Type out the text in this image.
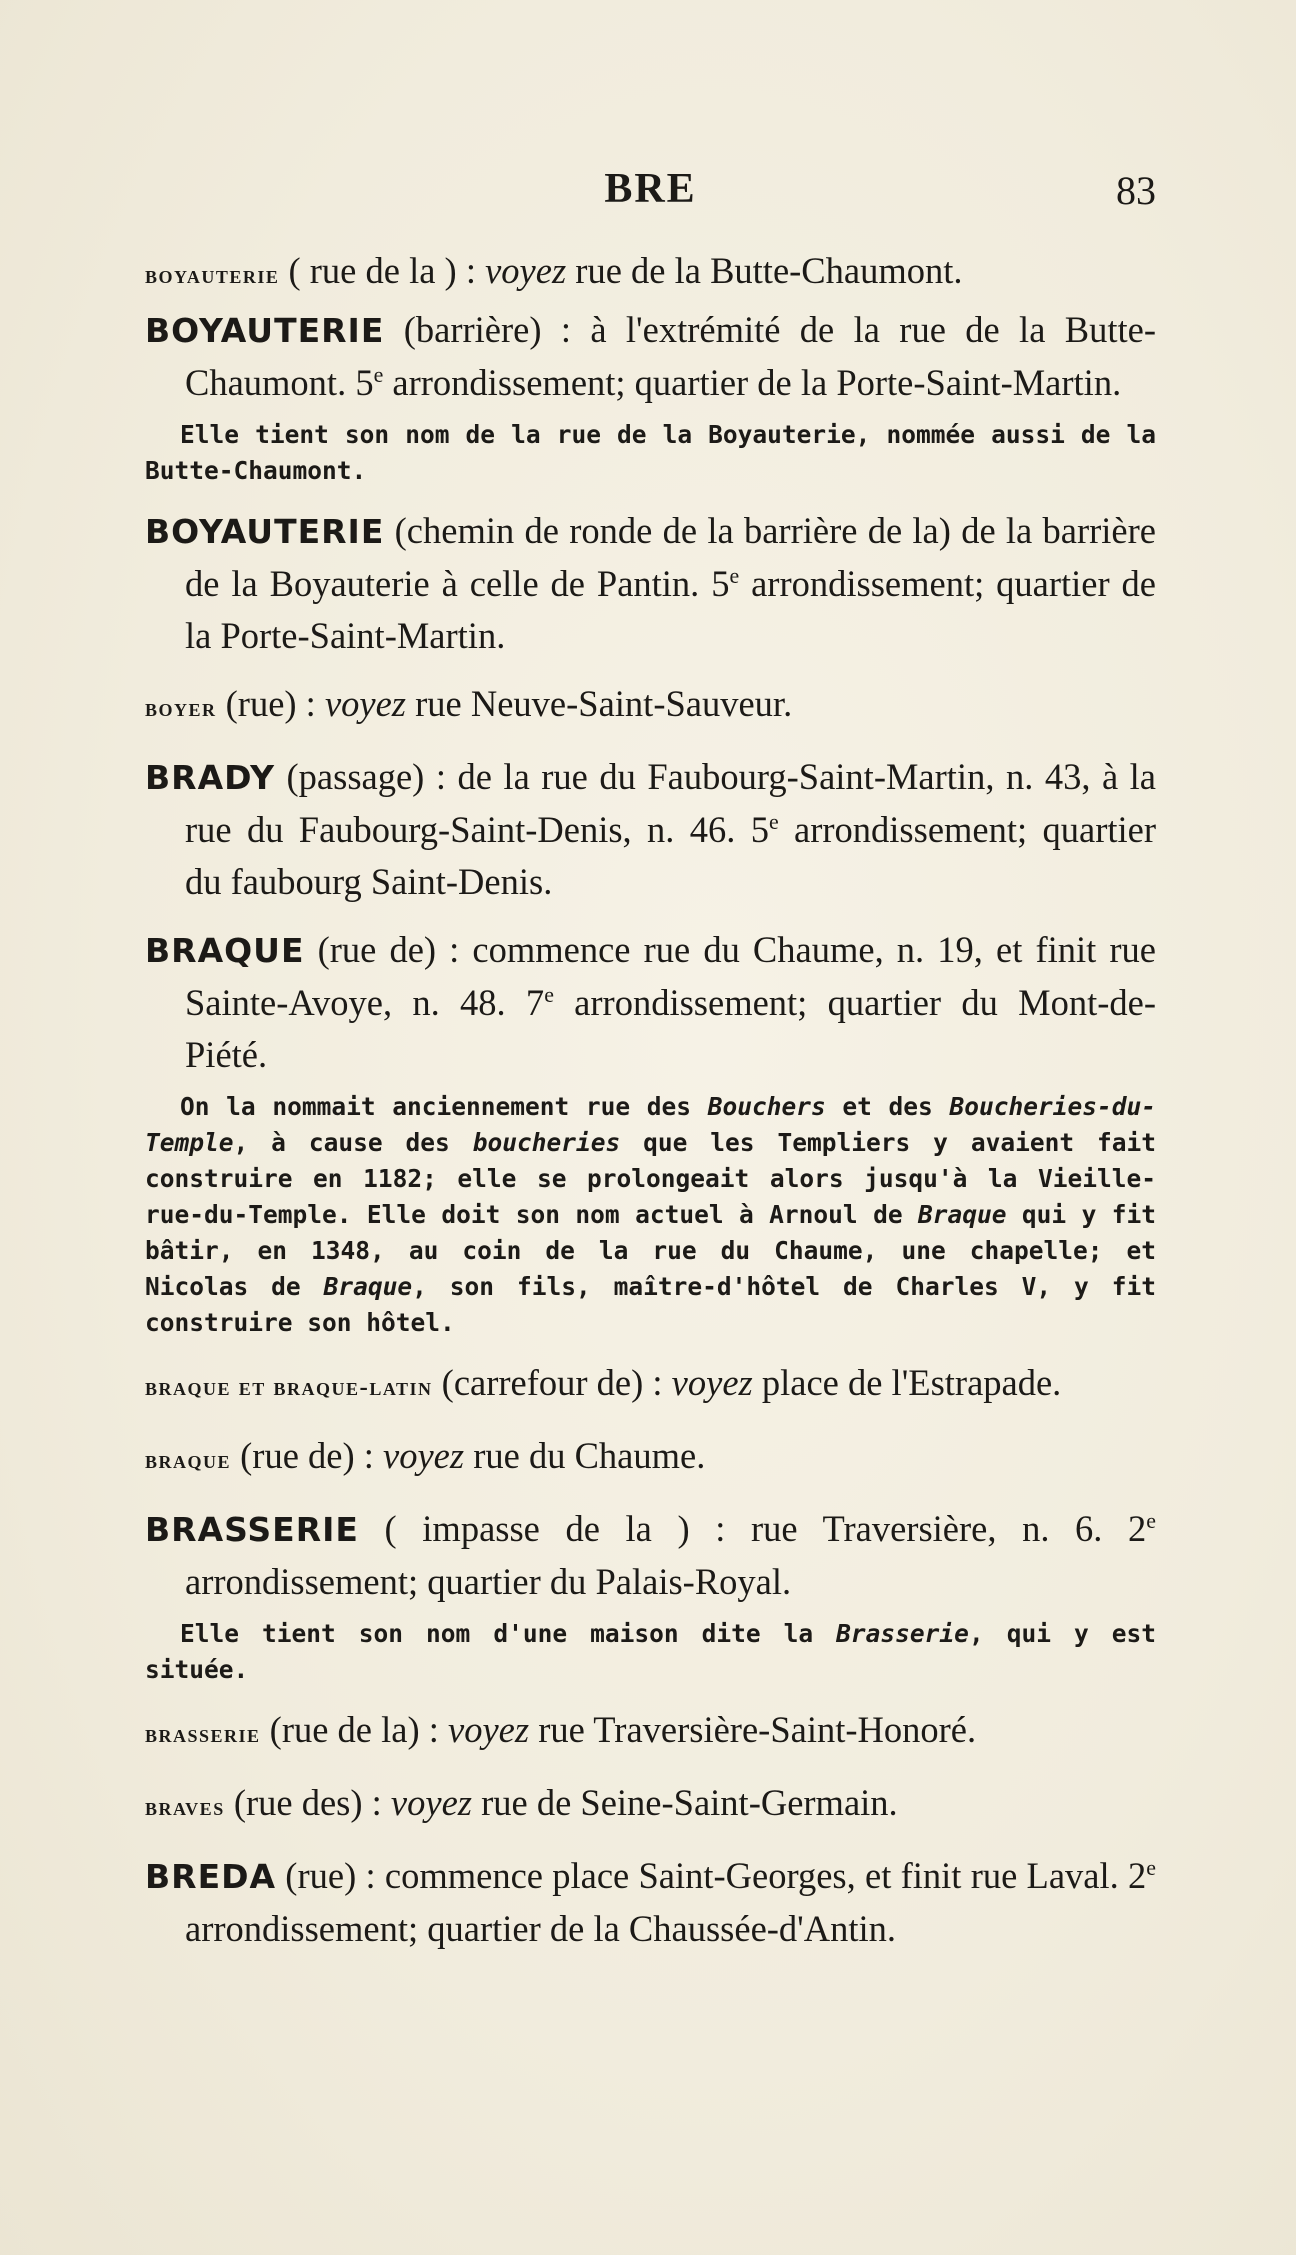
BRE	83

boyauterie ( rue de la ) : voyez rue de la Butte-Chaumont.

BOYAUTERIE (barrière) : à l'extrémité de la rue de la Butte-Chaumont. 5e arrondissement; quartier de la Porte-Saint-Martin.

Elle tient son nom de la rue de la Boyauterie, nommée aussi de la Butte-Chaumont.

BOYAUTERIE (chemin de ronde de la barrière de la) de la barrière de la Boyauterie à celle de Pantin. 5e arrondissement; quartier de la Porte-Saint-Martin.

boyer (rue) : voyez rue Neuve-Saint-Sauveur.

BRADY (passage) : de la rue du Faubourg-Saint-Martin, n. 43, à la rue du Faubourg-Saint-Denis, n. 46. 5e arrondissement; quartier du faubourg Saint-Denis.

BRAQUE (rue de) : commence rue du Chaume, n. 19, et finit rue Sainte-Avoye, n. 48. 7e arrondissement; quartier du Mont-de-Piété.

On la nommait anciennement rue des Bouchers et des Boucheries-du-Temple, à cause des boucheries que les Templiers y avaient fait construire en 1182; elle se prolongeait alors jusqu'à la Vieille-rue-du-Temple. Elle doit son nom actuel à Arnoul de Braque qui y fit bâtir, en 1348, au coin de la rue du Chaume, une chapelle; et Nicolas de Braque, son fils, maître-d'hôtel de Charles V, y fit construire son hôtel.

braque et braque-latin (carrefour de) : voyez place de l'Estrapade.

braque (rue de) : voyez rue du Chaume.

BRASSERIE ( impasse de la ) : rue Traversière, n. 6. 2e arrondissement; quartier du Palais-Royal.

Elle tient son nom d'une maison dite la Brasserie, qui y est située.

brasserie (rue de la) : voyez rue Traversière-Saint-Honoré.

braves (rue des) : voyez rue de Seine-Saint-Germain.

BREDA (rue) : commence place Saint-Georges, et finit rue Laval. 2e arrondissement; quartier de la Chaussée-d'Antin.
